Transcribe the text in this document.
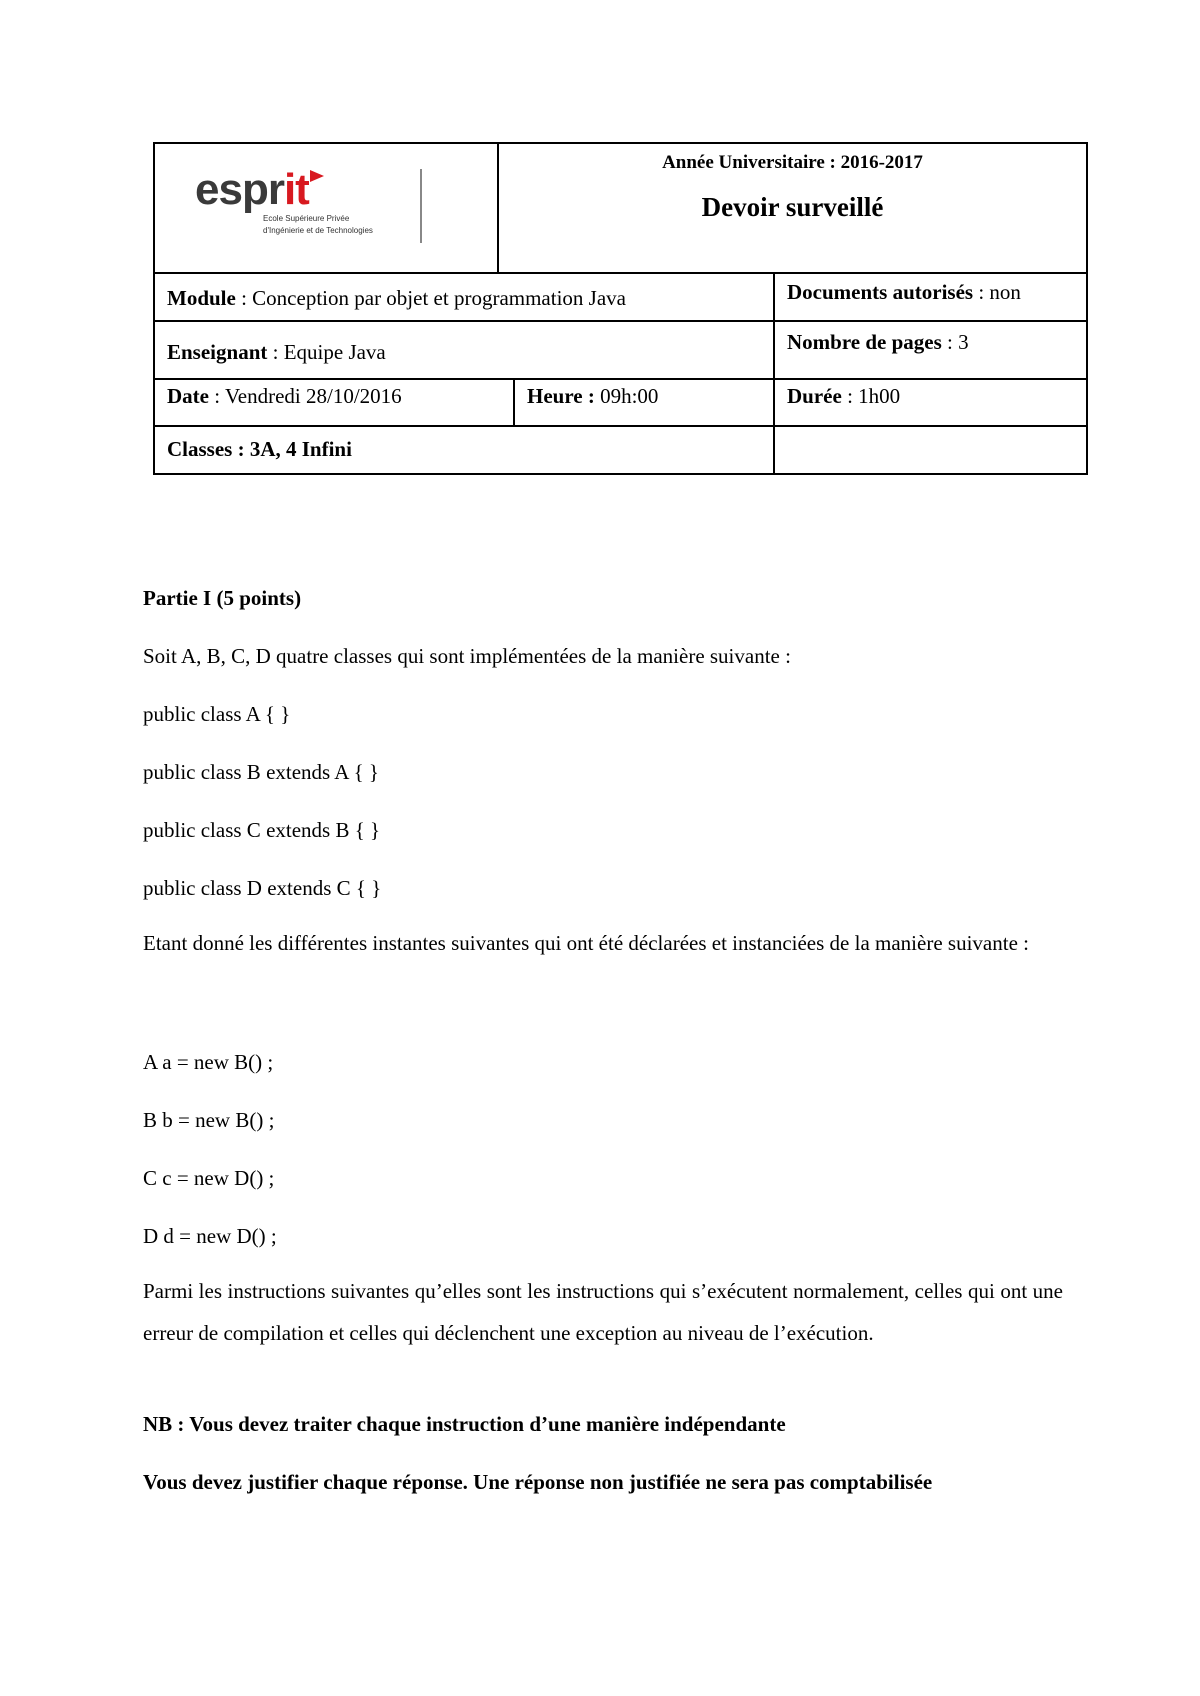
esprit
Ecole Supérieure Privée
d'Ingénierie et de Technologies
Année Universitaire : 2016-2017
Devoir surveillé
Module : Conception par objet et programmation Java	Documents autorisés : non
Enseignant : Equipe Java	Nombre de pages : 3
Date : Vendredi 28/10/2016	Heure : 09h:00	Durée : 1h00
Classes : 3A, 4 Infini

Partie I (5 points)

Soit A, B, C, D quatre classes qui sont implémentées de la manière suivante :

public class A { }

public class B extends A { }

public class C extends B { }

public class D extends C { }

Etant donné les différentes instantes suivantes qui ont été déclarées et instanciées de la manière suivante :

A a = new B() ;

B b = new B() ;

C c = new D() ;

D d = new D() ;

Parmi les instructions suivantes qu’elles sont les instructions qui s’exécutent normalement, celles qui ont une erreur de compilation et celles qui déclenchent une exception au niveau de l’exécution.

NB : Vous devez traiter chaque instruction d’une manière indépendante

Vous devez justifier chaque réponse. Une réponse non justifiée ne sera pas comptabilisée
